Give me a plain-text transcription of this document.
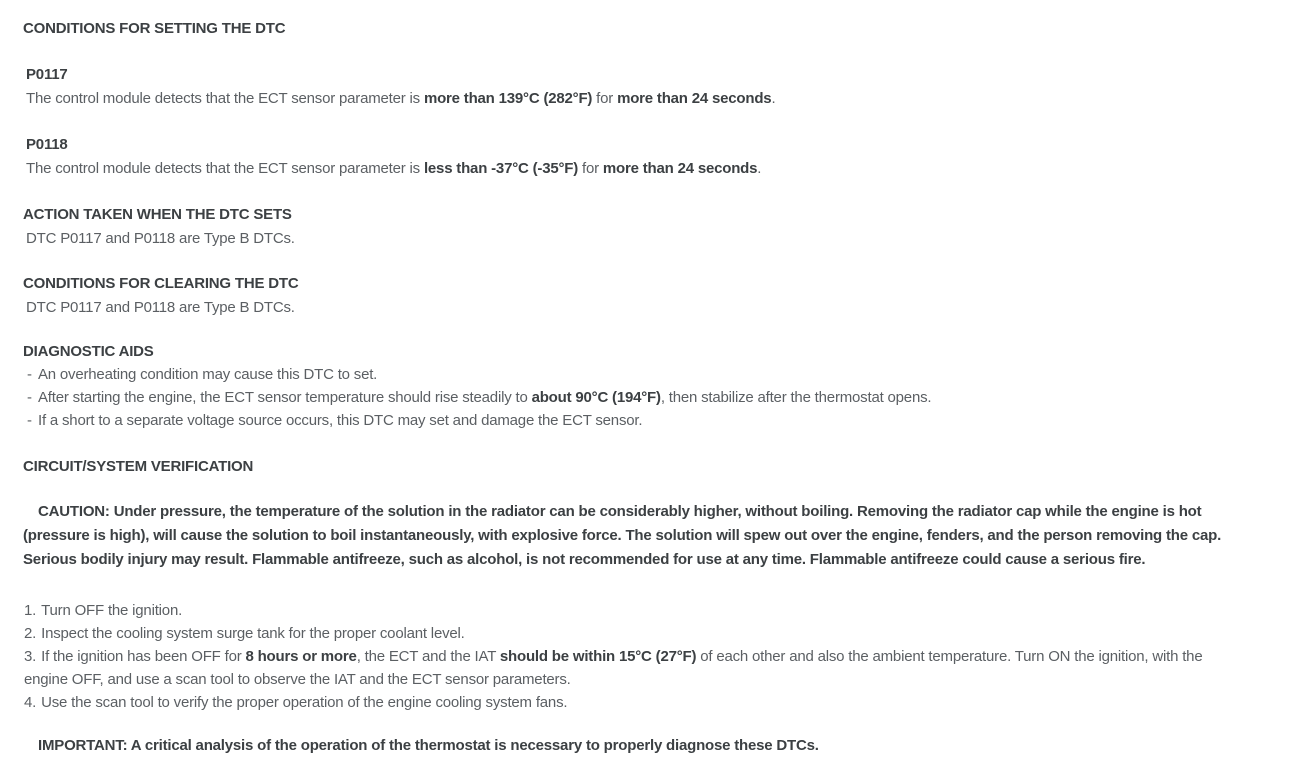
CONDITIONS FOR SETTING THE DTC
P0117

The control module detects that the ECT sensor parameter is more than 139°C (282°F) for more than 24 seconds.

P0118

The control module detects that the ECT sensor parameter is less than -37°C (-35°F) for more than 24 seconds.

ACTION TAKEN WHEN THE DTC SETS

DTC P0117 and P0118 are Type B DTCs.

CONDITIONS FOR CLEARING THE DTC

DTC P0117 and P0118 are Type B DTCs.

DIAGNOSTIC AIDS

- An overheating condition may cause this DTC to set.

- After starting the engine, the ECT sensor temperature should rise steadily to about 90°C (194°F), then stabilize after the thermostat opens.

- If a short to a separate voltage source occurs, this DTC may set and damage the ECT sensor.

CIRCUIT/SYSTEM VERIFICATION

CAUTION: Under pressure, the temperature of the solution in the radiator can be considerably higher, without boiling. Removing the radiator cap while the engine is hot (pressure is high), will cause the solution to boil instantaneously, with explosive force. The solution will spew out over the engine, fenders, and the person removing the cap. Serious bodily injury may result. Flammable antifreeze, such as alcohol, is not recommended for use at any time. Flammable antifreeze could cause a serious fire.

1. Turn OFF the ignition.

2. Inspect the cooling system surge tank for the proper coolant level.

3. If the ignition has been OFF for 8 hours or more, the ECT and the IAT should be within 15°C (27°F) of each other and also the ambient temperature. Turn ON the ignition, with the engine OFF, and use a scan tool to observe the IAT and the ECT sensor parameters.

4. Use the scan tool to verify the proper operation of the engine cooling system fans.

IMPORTANT: A critical analysis of the operation of the thermostat is necessary to properly diagnose these DTCs.
